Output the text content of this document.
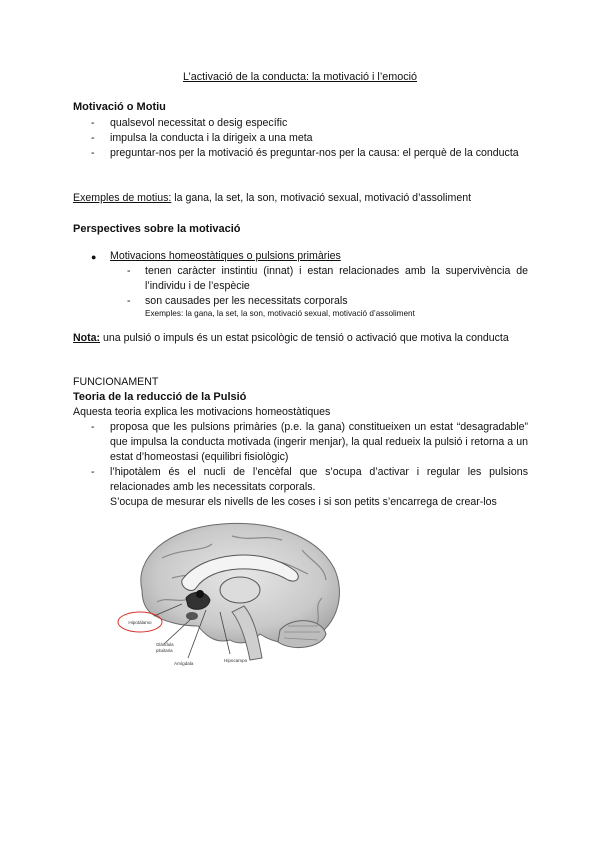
L’activació de la conducta: la motivació i l’emoció
Motivació o Motiu
- qualsevol necessitat o desig específic
- impulsa la conducta i la dirigeix a una meta
- preguntar-nos per la motivació és preguntar-nos per la causa: el perquè de la conducta
Exemples de motius: la gana, la set, la son, motivació sexual, motivació d’assoliment
Perspectives sobre la motivació
● Motivacions homeostàtiques o pulsions primàries
- tenen caràcter instintiu (innat) i estan relacionades amb la supervivència de l’individu i de l’espècie
- son causades per les necessitats corporals
Exemples: la gana, la set, la son, motivació sexual, motivació d’assoliment
Nota: una pulsió o impuls és un estat psicològic de tensió o activació que motiva la conducta
FUNCIONAMENT
Teoria de la reducció de la Pulsió
Aquesta teoria explica les motivacions homeostàtiques
- proposa que les pulsions primàries (p.e. la gana) constitueixen un estat “desagradable” que impulsa la conducta motivada (ingerir menjar), la qual redueix la pulsió i retorna a un estat d’homeostasi (equilibri fisiològic)
- l’hipotàlem és el nucli de l’encèfal que s’ocupa d’activar i regular les pulsions relacionades amb les necessitats corporals.
S’ocupa de mesurar els nivells de les coses i si son petits s’encarrega de crear-los
Hipotàlamo
Glándula
pituitaria
Amígdala
Hipocampo
